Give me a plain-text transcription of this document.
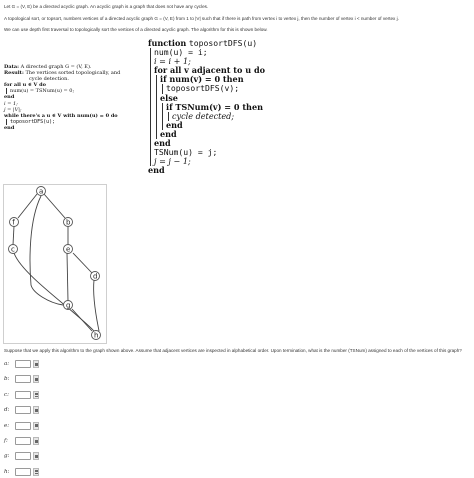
Let G = (V, E) be a directed acyclic graph. An acyclic graph is a graph that does not have any cycles.
A topological sort, or topsort, numbers vertices of a directed acyclic graph G = (V, E) from 1 to |V| such that if there is path from vertex i to vertex j, then the number of vertex i < number of vertex j.
We can use depth first traversal to topologically sort the vertices of a directed acyclic graph. The algorithm for this is shown below.
Data: A directed graph G = (V, E).
Result: The vertices sorted topologically, and
cycle detection.
for all u ∈ V do
num(u) = TSNum(u) = 0;
end
i = 1;
j = |V|;
while there's a u ∈ V with num(u) = 0 do
toposortDFS(u);
end
function toposortDFS(u)
num(u) = i;
i = i + 1;
for all v adjacent to u do
if num(v) = 0 then
toposortDFS(v);
else
if TSNum(v) = 0 then
cycle detected;
end
end
end
TSNum(u) = j;
j = j − 1;
end
a
f	b
c	e
d
g
h
Suppose that we apply this algorithm to the graph shown above. Assume that adjacent vertices are inspected in alphabetical order. Upon termination, what is the number (TSNum) assigned to each of the vertices of this graph?
a:
b:
c:
d:
e:
f:
g:
h:
